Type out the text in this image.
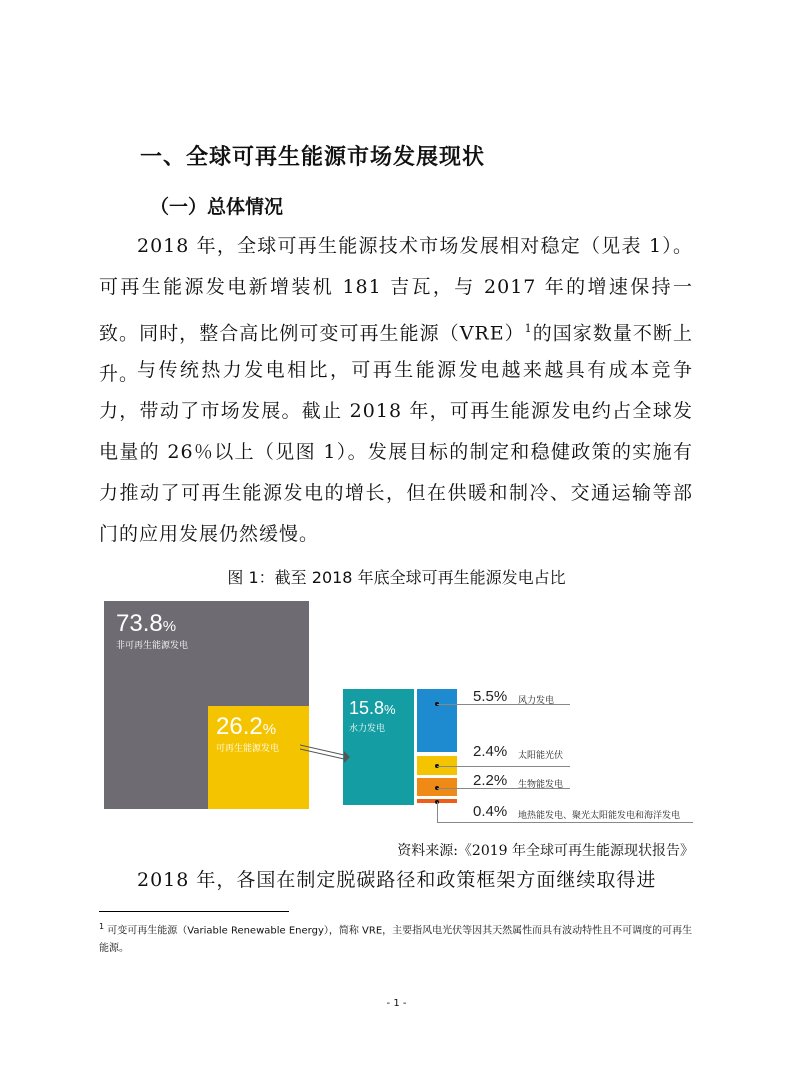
一、全球可再生能源市场发展现状
（一）总体情况

2018 年，全球可再生能源技术市场发展相对稳定（见表 1）。可再生能源发电新增装机 181 吉瓦，与 2017 年的增速保持一致。同时，整合高比例可变可再生能源（VRE）$^1$的国家数量不断上升。

与传统热力发电相比，可再生能源发电越来越具有成本竞争力，带动了市场发展。截止 2018 年，可再生能源发电约占全球发电量的 26％以上（见图 1）。发展目标的制定和稳健政策的实施有力推动了可再生能源发电的增长，但在供暖和制冷、交通运输等部门的应用发展仍然缓慢。

图 1：截至 2018 年底全球可再生能源发电占比
73.8%
非可再生能源发电
26.2%
可再生能源发电
15.8%
水力发电
5.5% 风力发电
2.4% 太阳能光伏
2.2% 生物能发电
0.4% 地热能发电、聚光太阳能发电和海洋发电
资料来源:《2019 年全球可再生能源现状报告》

2018 年，各国在制定脱碳路径和政策框架方面继续取得进

$^1$ 可变可再生能源（Variable Renewable Energy），简称 VRE，主要指风电光伏等因其天然属性而具有波动特性且不可调度的可再生能源。
- 1 -
